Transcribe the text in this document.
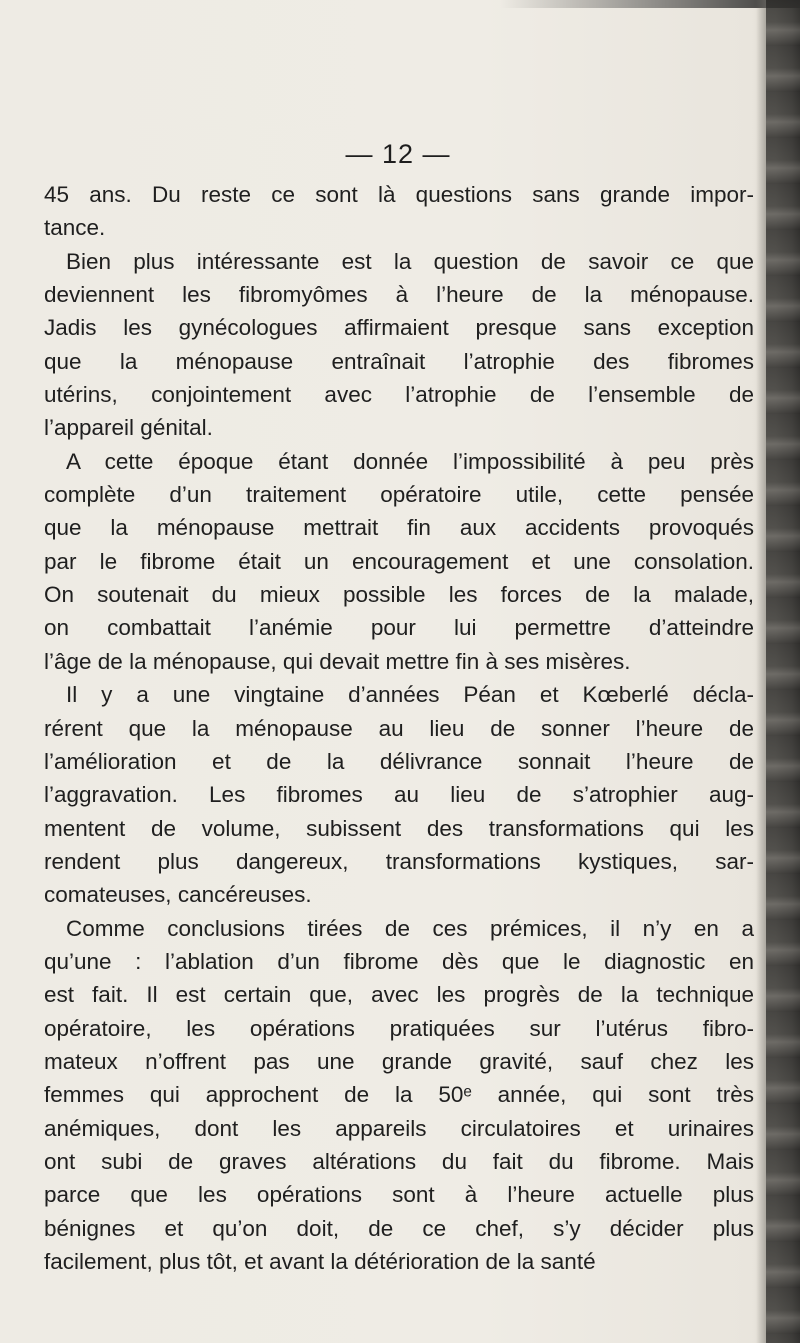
— 12 —
45 ans. Du reste ce sont là questions sans grande impor-
tance.
Bien plus intéressante est la question de savoir ce que
deviennent les fibromyômes à l’heure de la ménopause.
Jadis les gynécologues affirmaient presque sans exception
que la ménopause entraînait l’atrophie des fibromes
utérins, conjointement avec l’atrophie de l’ensemble de
l’appareil génital.
A cette époque étant donnée l’impossibilité à peu près
complète d’un traitement opératoire utile, cette pensée
que la ménopause mettrait fin aux accidents provoqués
par le fibrome était un encouragement et une consolation.
On soutenait du mieux possible les forces de la malade,
on combattait l’anémie pour lui permettre d’atteindre
l’âge de la ménopause, qui devait mettre fin à ses misères.
Il y a une vingtaine d’années Péan et Kœberlé décla-
rérent que la ménopause au lieu de sonner l’heure de
l’amélioration et de la délivrance sonnait l’heure de
l’aggravation. Les fibromes au lieu de s’atrophier aug-
mentent de volume, subissent des transformations qui les
rendent plus dangereux, transformations kystiques, sar-
comateuses, cancéreuses.
Comme conclusions tirées de ces prémices, il n’y en a
qu’une : l’ablation d’un fibrome dès que le diagnostic en
est fait. Il est certain que, avec les progrès de la technique
opératoire, les opérations pratiquées sur l’utérus fibro-
mateux n’offrent pas une grande gravité, sauf chez les
femmes qui approchent de la 50ᵉ année, qui sont très
anémiques, dont les appareils circulatoires et urinaires
ont subi de graves altérations du fait du fibrome. Mais
parce que les opérations sont à l’heure actuelle plus
bénignes et qu’on doit, de ce chef, s’y décider plus
facilement, plus tôt, et avant la détérioration de la santé
